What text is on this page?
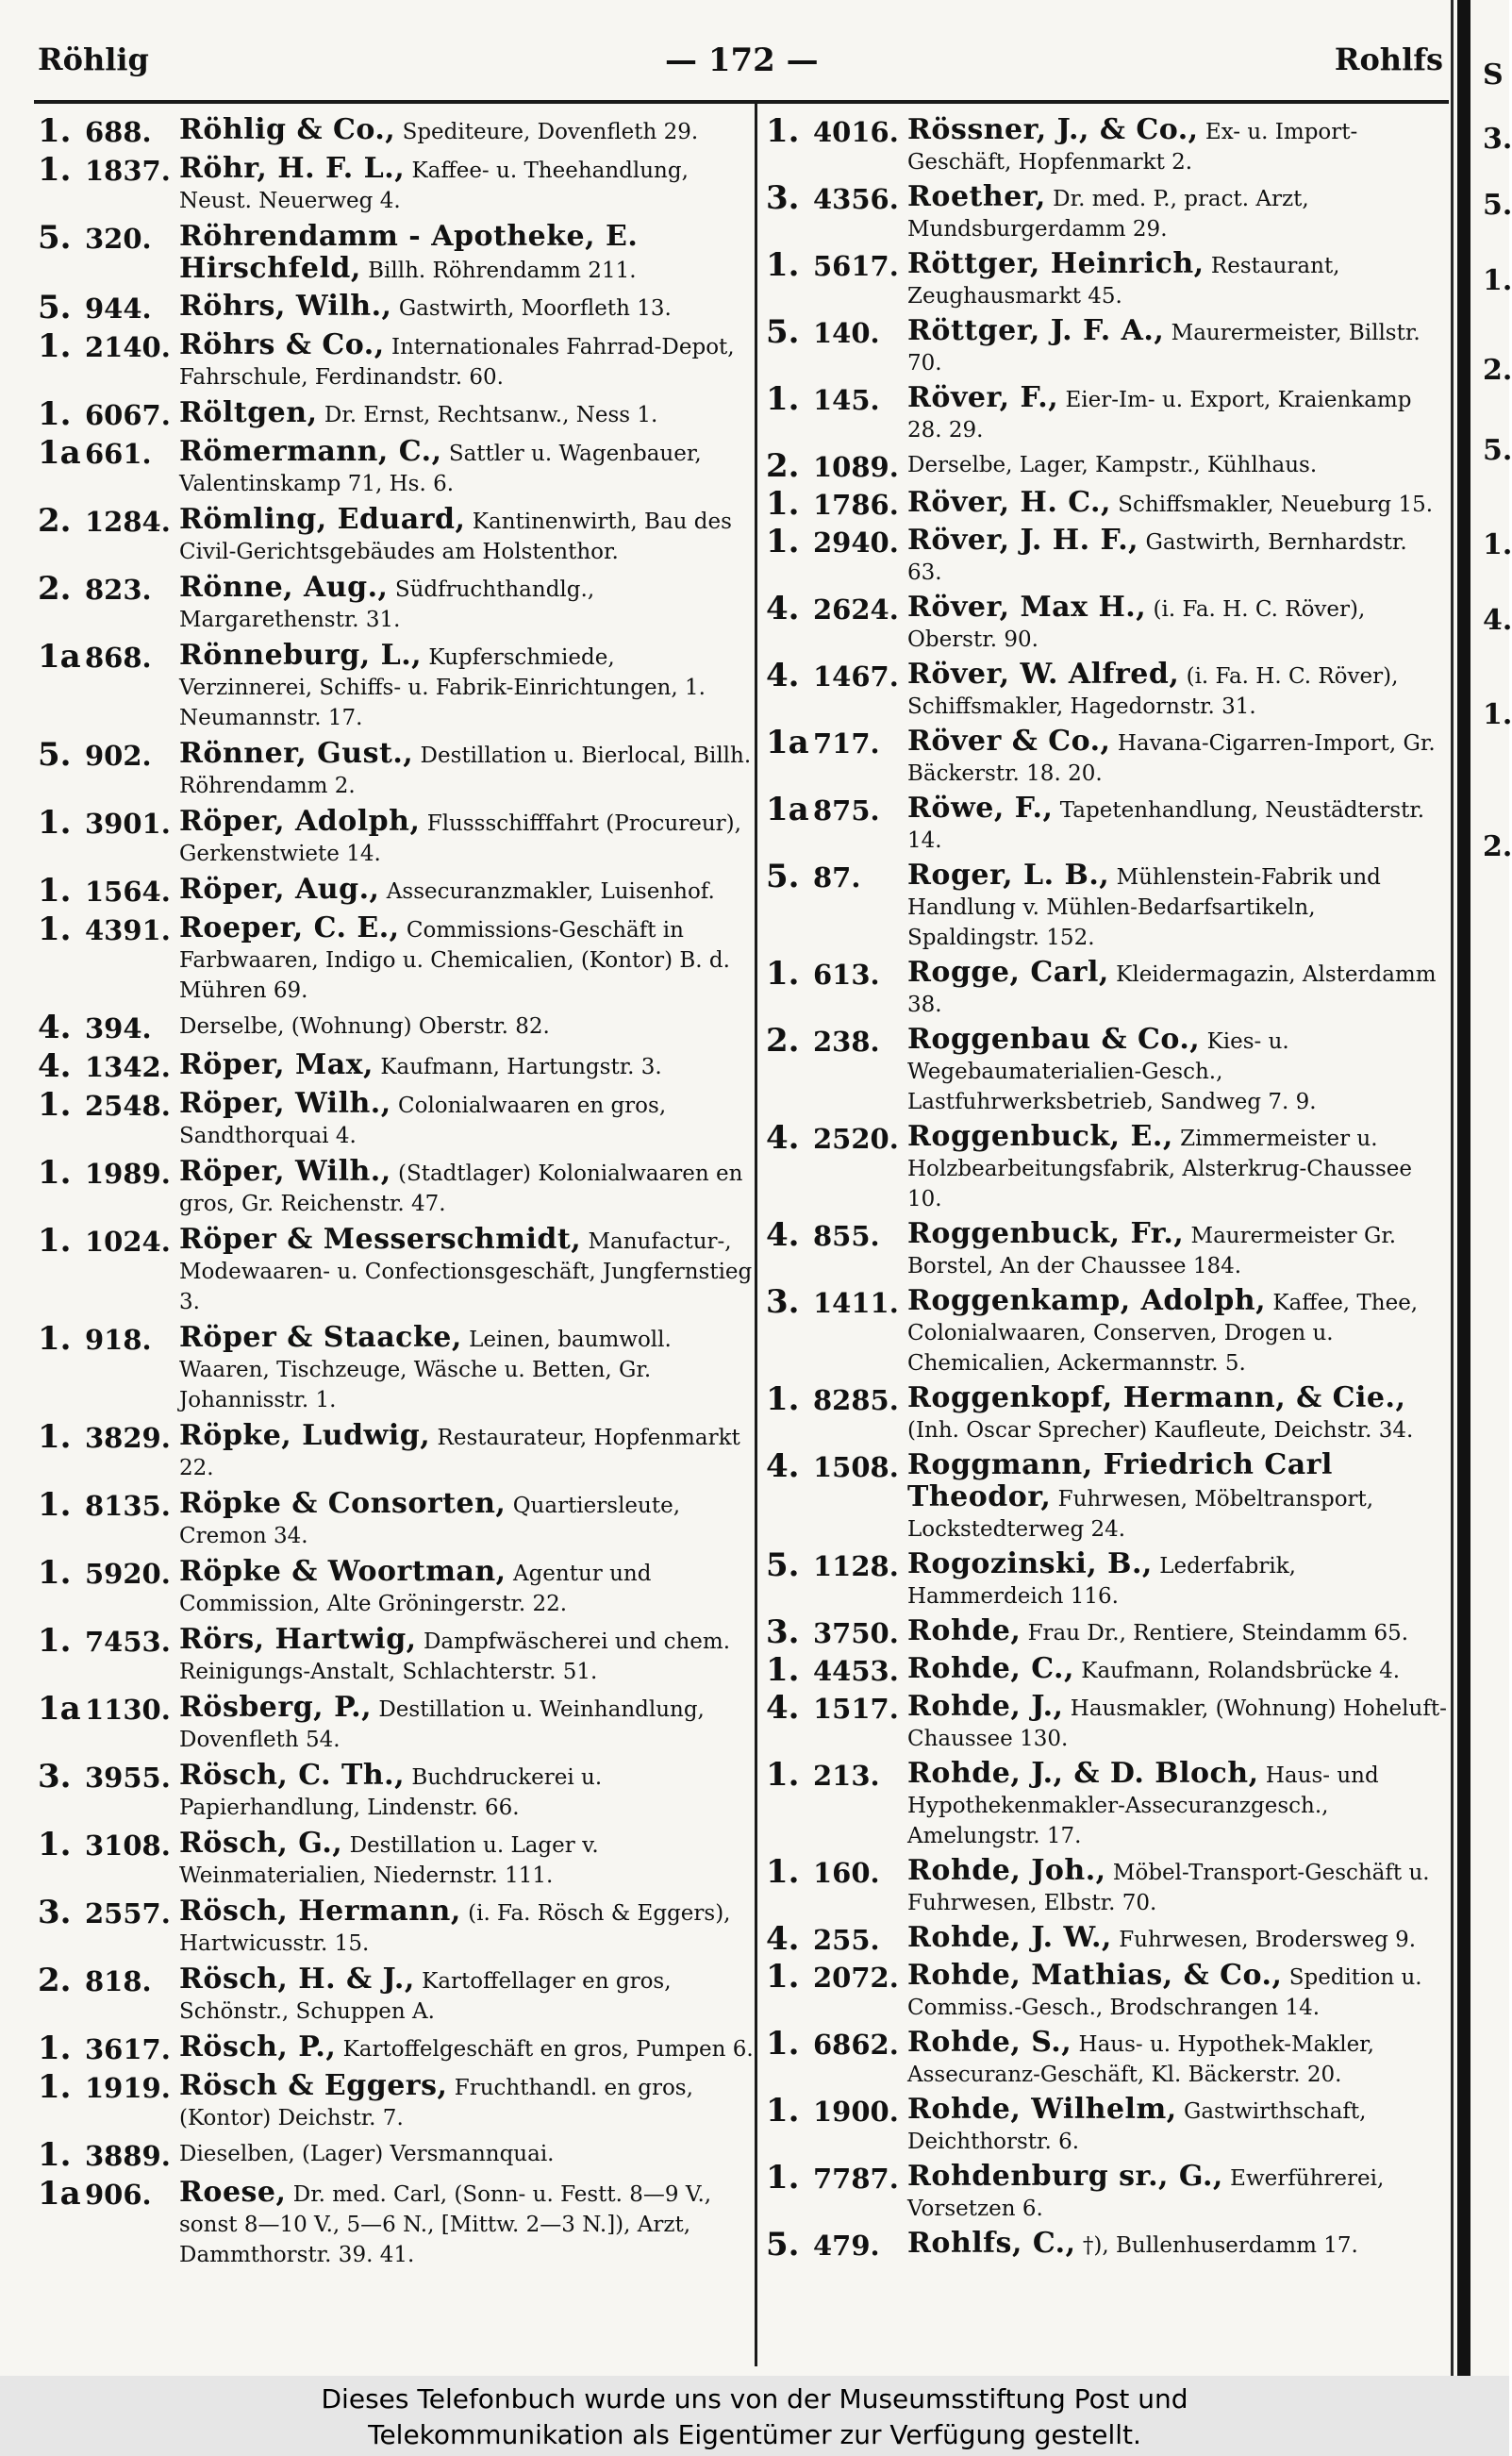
Röhlig	— 172 —	Rohlfs
1. 688. Röhlig & Co., Spediteure, Dovenfleth 29.
1. 1837. Röhr, H. F. L., Kaffee- u. Theehandlung, Neust. Neuerweg 4.
5. 320. Röhrendamm - Apotheke, E. Hirschfeld, Billh. Röhrendamm 211.
5. 944. Röhrs, Wilh., Gastwirth, Moorfleth 13.
1. 2140. Röhrs & Co., Internationales Fahrrad-Depot, Fahrschule, Ferdinandstr. 60.
1. 6067. Röltgen, Dr. Ernst, Rechtsanw., Ness 1.
1a 661. Römermann, C., Sattler u. Wagenbauer, Valentinskamp 71, Hs. 6.
2. 1284. Römling, Eduard, Kantinenwirth, Bau des Civil-Gerichtsgebäudes am Holstenthor.
2. 823. Rönne, Aug., Südfruchthandlg., Margarethenstr. 31.
1a 868. Rönneburg, L., Kupferschmiede, Verzinnerei, Schiffs- u. Fabrik-Einrichtungen, 1. Neumannstr. 17.
5. 902. Rönner, Gust., Destillation u. Bierlocal, Billh. Röhrendamm 2.
1. 3901. Röper, Adolph, Flussschifffahrt (Procureur), Gerkenstwiete 14.
1. 1564. Röper, Aug., Assecuranzmakler, Luisenhof.
1. 4391. Roeper, C. E., Commissions-Geschäft in Farbwaaren, Indigo u. Chemicalien, (Kontor) B. d. Mühren 69.
4. 394.	Derselbe, (Wohnung) Oberstr. 82.
4. 1342. Röper, Max, Kaufmann, Hartungstr. 3.
1. 2548. Röper, Wilh., Colonialwaaren en gros, Sandthorquai 4.
1. 1989. Röper, Wilh., (Stadtlager) Kolonialwaaren en gros, Gr. Reichenstr. 47.
1. 1024. Röper & Messerschmidt, Manufactur-, Modewaaren- u. Confectionsgeschäft, Jungfernstieg 3.
1. 918. Röper & Staacke, Leinen, baumwoll. Waaren, Tischzeuge, Wäsche u. Betten, Gr. Johannisstr. 1.
1. 3829. Röpke, Ludwig, Restaurateur, Hopfenmarkt 22.
1. 8135. Röpke & Consorten, Quartiersleute, Cremon 34.
1. 5920. Röpke & Woortman, Agentur und Commission, Alte Gröningerstr. 22.
1. 7453. Rörs, Hartwig, Dampfwäscherei und chem. Reinigungs-Anstalt, Schlachterstr. 51.
1a 1130. Rösberg, P., Destillation u. Weinhandlung, Dovenfleth 54.
3. 3955. Rösch, C. Th., Buchdruckerei u. Papierhandlung, Lindenstr. 66.
1. 3108. Rösch, G., Destillation u. Lager v. Weinmaterialien, Niedernstr. 111.
3. 2557. Rösch, Hermann, (i. Fa. Rösch & Eggers), Hartwicusstr. 15.
2. 818. Rösch, H. & J., Kartoffellager en gros, Schönstr., Schuppen A.
1. 3617. Rösch, P., Kartoffelgeschäft en gros, Pumpen 6.
1. 1919. Rösch & Eggers, Fruchthandl. en gros, (Kontor) Deichstr. 7.
1. 3889. Dieselben, (Lager) Versmannquai.
1a 906. Roese, Dr. med. Carl, (Sonn- u. Festt. 8—9 V., sonst 8—10 V., 5—6 N., [Mittw. 2—3 N.]), Arzt, Dammthorstr. 39. 41.
1. 4016. Rössner, J., & Co., Ex- u. Import-Geschäft, Hopfenmarkt 2.
3. 4356. Roether, Dr. med. P., pract. Arzt, Mundsburgerdamm 29.
1. 5617. Röttger, Heinrich, Restaurant, Zeughausmarkt 45.
5. 140. Röttger, J. F. A., Maurermeister, Billstr. 70.
1. 145. Röver, F., Eier-Im- u. Export, Kraienkamp 28. 29.
2. 1089. Derselbe, Lager, Kampstr., Kühlhaus.
1. 1786. Röver, H. C., Schiffsmakler, Neueburg 15.
1. 2940. Röver, J. H. F., Gastwirth, Bernhardstr. 63.
4. 2624. Röver, Max H., (i. Fa. H. C. Röver), Oberstr. 90.
4. 1467. Röver, W. Alfred, (i. Fa. H. C. Röver), Schiffsmakler, Hagedornstr. 31.
1a 717. Röver & Co., Havana-Cigarren-Import, Gr. Bäckerstr. 18. 20.
1a 875. Röwe, F., Tapetenhandlung, Neustädterstr. 14.
5. 87.	Roger, L. B., Mühlenstein-Fabrik und Handlung v. Mühlen-Bedarfsartikeln, Spaldingstr. 152.
1. 613. Rogge, Carl, Kleidermagazin, Alsterdamm 38.
2. 238. Roggenbau & Co., Kies- u. Wegebaumaterialien-Gesch., Lastfuhrwerksbetrieb, Sandweg 7. 9.
4. 2520. Roggenbuck, E., Zimmermeister u. Holzbearbeitungsfabrik, Alsterkrug-Chaussee 10.
4. 855. Roggenbuck, Fr., Maurermeister Gr. Borstel, An der Chaussee 184.
3. 1411. Roggenkamp, Adolph, Kaffee, Thee, Colonialwaaren, Conserven, Drogen u. Chemicalien, Ackermannstr. 5.
1. 8285. Roggenkopf, Hermann, & Cie., (Inh. Oscar Sprecher) Kaufleute, Deichstr. 34.
4. 1508. Roggmann, Friedrich Carl Theodor, Fuhrwesen, Möbeltransport, Lockstedterweg 24.
5. 1128. Rogozinski, B., Lederfabrik, Hammerdeich 116.
3. 3750. Rohde, Frau Dr., Rentiere, Steindamm 65.
1. 4453. Rohde, C., Kaufmann, Rolandsbrücke 4.
4. 1517. Rohde, J., Hausmakler, (Wohnung) Hoheluft-Chaussee 130.
1. 213. Rohde, J., & D. Bloch, Haus- und Hypothekenmakler-Assecuranzgesch., Amelungstr. 17.
1. 160. Rohde, Joh., Möbel-Transport-Geschäft u. Fuhrwesen, Elbstr. 70.
4. 255. Rohde, J. W., Fuhrwesen, Brodersweg 9.
1. 2072. Rohde, Mathias, & Co., Spedition u. Commiss.-Gesch., Brodschrangen 14.
1. 6862. Rohde, S., Haus- u. Hypothek-Makler, Assecuranz-Geschäft, Kl. Bäckerstr. 20.
1. 1900. Rohde, Wilhelm, Gastwirthschaft, Deichthorstr. 6.
1. 7787. Rohdenburg sr., G., Ewerführerei, Vorsetzen 6.
5. 479. Rohlfs, C., †), Bullenhuserdamm 17.
S
3.
5.
1.
2.
5.
1.
4.
1.
2.
Dieses Telefonbuch wurde uns von der Museumsstiftung Post und
Telekommunikation als Eigentümer zur Verfügung gestellt.
